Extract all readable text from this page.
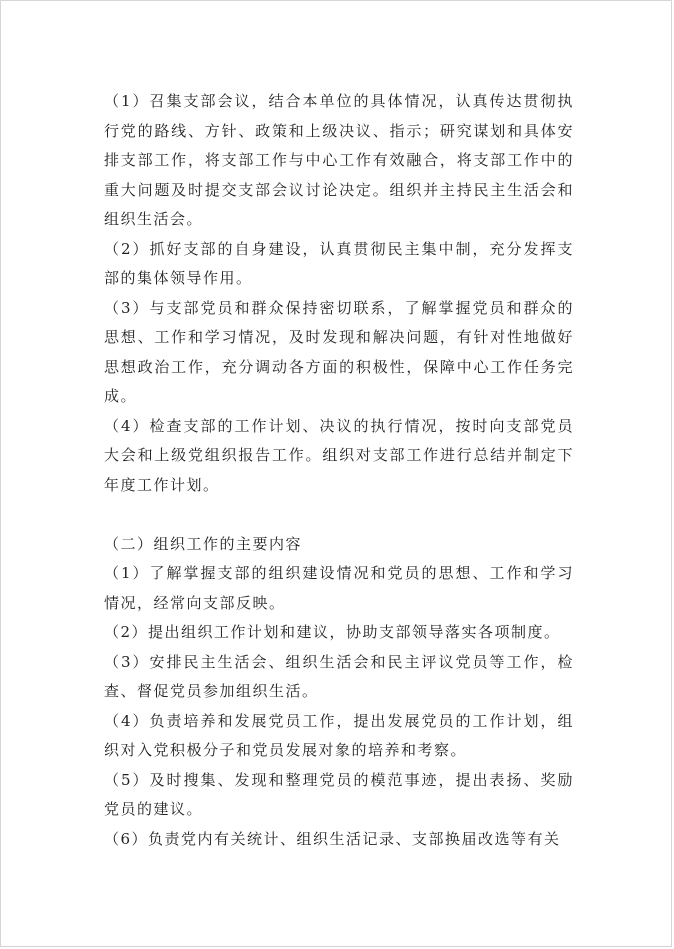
（1）召集支部会议，结合本单位的具体情况，认真传达贯彻执行党的路线、方针、政策和上级决议、指示；研究谋划和具体安排支部工作，将支部工作与中心工作有效融合，将支部工作中的重大问题及时提交支部会议讨论决定。组织并主持民主生活会和组织生活会。

（2）抓好支部的自身建设，认真贯彻民主集中制，充分发挥支部的集体领导作用。

（3）与支部党员和群众保持密切联系，了解掌握党员和群众的思想、工作和学习情况，及时发现和解决问题，有针对性地做好思想政治工作，充分调动各方面的积极性，保障中心工作任务完成。

（4）检查支部的工作计划、决议的执行情况，按时向支部党员大会和上级党组织报告工作。组织对支部工作进行总结并制定下年度工作计划。

（二）组织工作的主要内容

（1）了解掌握支部的组织建设情况和党员的思想、工作和学习情况，经常向支部反映。

（2）提出组织工作计划和建议，协助支部领导落实各项制度。

（3）安排民主生活会、组织生活会和民主评议党员等工作，检查、督促党员参加组织生活。

（4）负责培养和发展党员工作，提出发展党员的工作计划，组织对入党积极分子和党员发展对象的培养和考察。

（5）及时搜集、发现和整理党员的模范事迹，提出表扬、奖励党员的建议。

（6）负责党内有关统计、组织生活记录、支部换届改选等有关
